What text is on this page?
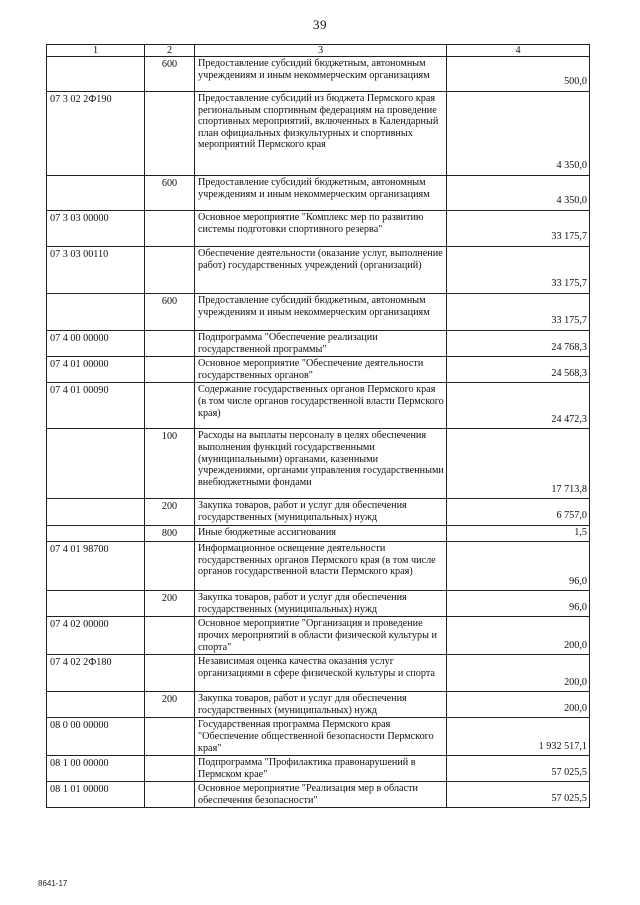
39
1	2	3	4
	600	Предоставление субсидий бюджетным, автономным учреждениям и иным некоммерческим организациям	500,0
07 3 02 2Ф190		Предоставление субсидий из бюджета Пермского края региональным спортивным федерациям на проведение спортивных мероприятий, включенных в Календарный план официальных физкультурных и спортивных мероприятий Пермского края	4 350,0
	600	Предоставление субсидий бюджетным, автономным учреждениям и иным некоммерческим организациям	4 350,0
07 3 03 00000		Основное мероприятие "Комплекс мер по развитию системы подготовки спортивного резерва"	33 175,7
07 3 03 00110		Обеспечение деятельности (оказание услуг, выполнение работ) государственных учреждений (организаций)	33 175,7
	600	Предоставление субсидий бюджетным, автономным учреждениям и иным некоммерческим организациям	33 175,7
07 4 00 00000		Подпрограмма "Обеспечение реализации государственной программы"	24 768,3
07 4 01 00000		Основное мероприятие "Обеспечение деятельности государственных органов"	24 568,3
07 4 01 00090		Содержание государственных органов Пермского края (в том числе органов государственной власти Пермского края)	24 472,3
	100	Расходы на выплаты персоналу в целях обеспечения выполнения функций государственными (муниципальными) органами, казенными учреждениями, органами управления государственными внебюджетными фондами	17 713,8
	200	Закупка товаров, работ и услуг для обеспечения государственных (муниципальных) нужд	6 757,0
	800	Иные бюджетные ассигнования	1,5
07 4 01 98700		Информационное освещение деятельности государственных органов Пермского края (в том числе органов государственной власти Пермского края)	96,0
	200	Закупка товаров, работ и услуг для обеспечения государственных (муниципальных) нужд	96,0
07 4 02 00000		Основное мероприятие "Организация и проведение прочих мероприятий в области физической культуры и спорта"	200,0
07 4 02 2Ф180		Независимая оценка качества оказания услуг организациями в сфере физической культуры и спорта	200,0
	200	Закупка товаров, работ и услуг для обеспечения государственных (муниципальных) нужд	200,0
08 0 00 00000		Государственная программа Пермского края "Обеспечение общественной безопасности Пермского края"	1 932 517,1
08 1 00 00000		Подпрограмма "Профилактика правонарушений в Пермском крае"	57 025,5
08 1 01 00000		Основное мероприятие "Реализация мер в области обеспечения безопасности"	57 025,5
8641-17
